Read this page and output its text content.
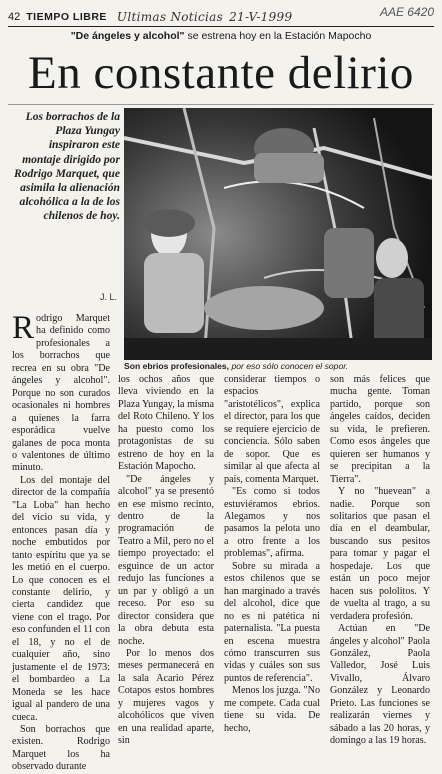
42 TIEMPO LIBRE Ultimas Noticias 21-V-1999	AAE 6420
"De ángeles y alcohol" se estrena hoy en la Estación Mapocho
En constante delirio
Los borrachos de la Plaza Yungay inspiraron este montaje dirigido por Rodrigo Marquet, que asimila la alienación alcohólica a la de los chilenos de hoy.
J. L.
Son ebrios profesionales, por eso sólo conocen el sopor.

Rodrigo Marquet ha definido como profesionales a los borrachos que recrea en su obra "De ángeles y alcohol". Porque no son curados ocasionales ni hombres a quienes la farra esporádica vuelve galanes de poca monta o valentones de último minuto.

Los del montaje del director de la compañía "La Loba" han hecho del vicio su vida, y entonces pasan día y noche embutidos por tanto espíritu que ya se les metió en el cuerpo. Lo que conocen es el constante delirio, y cierta candidez que viene con el trago. Por eso confunden el 11 con el 18, y no el de cualquier año, sino justamente el de 1973: el bombardeo a La Moneda se les hace igual al pandero de una cueca.

Son borrachos que existen. Rodrigo Marquet los ha observado durante

los ochos años que lleva viviendo en la Plaza Yungay, la misma del Roto Chileno. Y los ha puesto como los protagonistas de su estreno de hoy en la Estación Mapocho.

"De ángeles y alcohol" ya se presentó en ese mismo recinto, dentro de la programación de Teatro a Mil, pero no el tiempo proyectado: el esguince de un actor redujo las funciones a un par y obligó a un receso. Por eso su director considera que la obra debuta esta noche.

Por lo menos dos meses permanecerá en la sala Acario Pérez Cotapos estos hombres y mujeres vagos y alcohólicos que viven en una realidad aparte, sin

considerar tiempos o espacios "aristotélicos", explica el director, para los que se requiere ejercicio de conciencia. Sólo saben de sopor. Que es similar al que afecta al país, comenta Marquet.

"Es como si todos estuviéramos ebrios. Alegamos y nos pasamos la pelota uno a otro frente a los problemas", afirma.

Sobre su mirada a estos chilenos que se han marginado a través del alcohol, dice que no es ni patética ni paternalista. "La puesta en escena muestra cómo transcurren sus vidas y cuáles son sus puntos de referencia".

Menos los juzga. "No me compete. Cada cual tiene su vida. De hecho,

son más felices que mucha gente. Toman partido, porque son ángeles caídos, deciden su vida, le prefieren. Como esos ángeles que quieren ser humanos y se precipitan a la Tierra".

Y no "huevean" a nadie. Porque son solitarios que pasan el día en el deambular, buscando sus pesitos para tomar y pagar el hospedaje. Los que están un poco mejor hacen sus pololitos. Y de vuelta al trago, a su verdadera profesión.

Actúan en "De ángeles y alcohol" Paola González, Paola Valledor, José Luis Vivallo, Álvaro González y Leonardo Prieto. Las funciones se realizarán viernes y sábado a las 20 horas, y domingo a las 19 horas.
